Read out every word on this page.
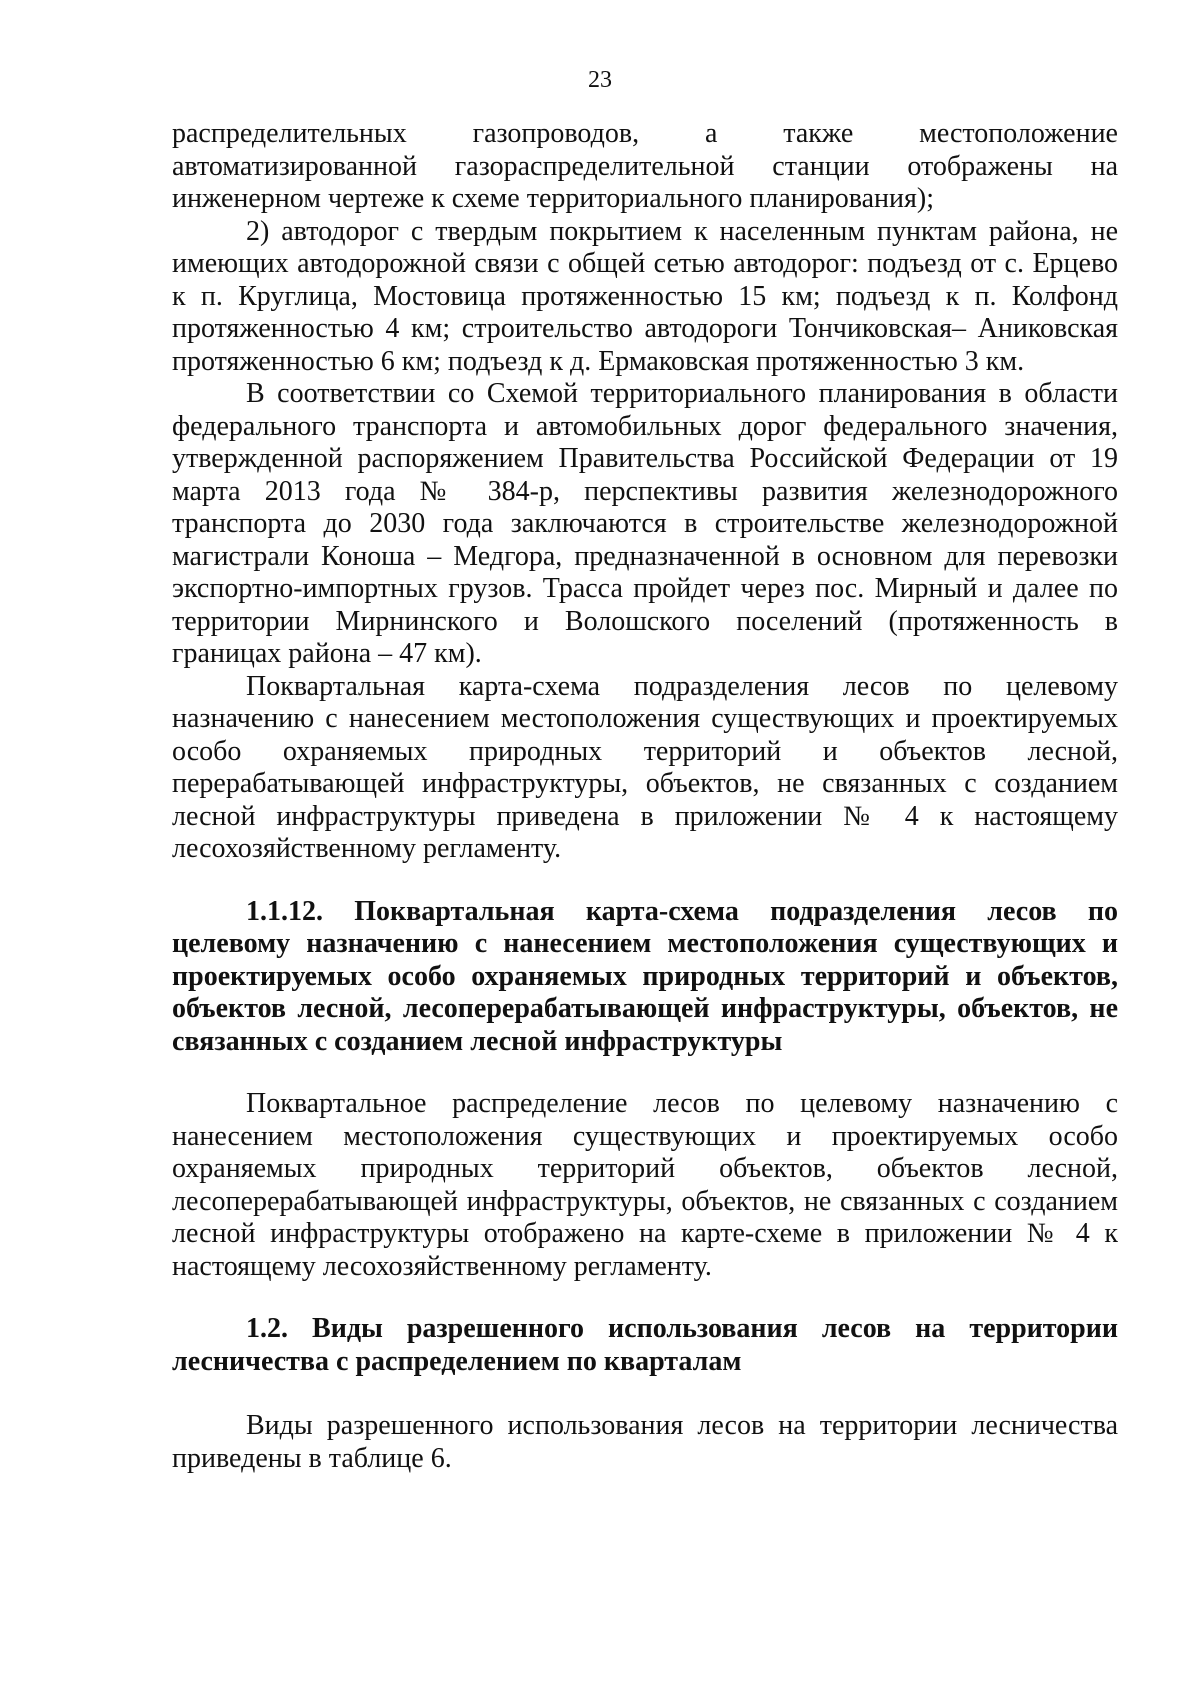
23

распределительных газопроводов, а также местоположение автоматизированной газораспределительной станции отображены на инженерном чертеже к схеме территориального планирования);

2) автодорог с твердым покрытием к населенным пунктам района, не имеющих автодорожной связи с общей сетью автодорог: подъезд от с. Ерцево к п. Круглица, Мостовица протяженностью 15 км; подъезд к п. Колфонд протяженностью 4 км; строительство автодороги Тончиковская– Аниковская протяженностью 6 км; подъезд к д. Ермаковская протяженностью 3 км.

В соответствии со Схемой территориального планирования в области федерального транспорта и автомобильных дорог федерального значения, утвержденной распоряжением Правительства Российской Федерации от 19 марта 2013 года № 384-р, перспективы развития железнодорожного транспорта до 2030 года заключаются в строительстве железнодорожной магистрали Коноша – Медгора, предназначенной в основном для перевозки экспортно-импортных грузов. Трасса пройдет через пос. Мирный и далее по территории Мирнинского и Волошского поселений (протяженность в границах района – 47 км).

Поквартальная карта-схема подразделения лесов по целевому назначению с нанесением местоположения существующих и проектируемых особо охраняемых природных территорий и объектов лесной, перерабатывающей инфраструктуры, объектов, не связанных с созданием лесной инфраструктуры приведена в приложении № 4 к настоящему лесохозяйственному регламенту.

1.1.12. Поквартальная карта-схема подразделения лесов по целевому назначению с нанесением местоположения существующих и проектируемых особо охраняемых природных территорий и объектов, объектов лесной, лесоперерабатывающей инфраструктуры, объектов, не связанных с созданием лесной инфраструктуры

Поквартальное распределение лесов по целевому назначению с нанесением местоположения существующих и проектируемых особо охраняемых природных территорий объектов, объектов лесной, лесоперерабатывающей инфраструктуры, объектов, не связанных с созданием лесной инфраструктуры отображено на карте-схеме в приложении № 4 к настоящему лесохозяйственному регламенту.

1.2. Виды разрешенного использования лесов на территории лесничества с распределением по кварталам

Виды разрешенного использования лесов на территории лесничества приведены в таблице 6.
